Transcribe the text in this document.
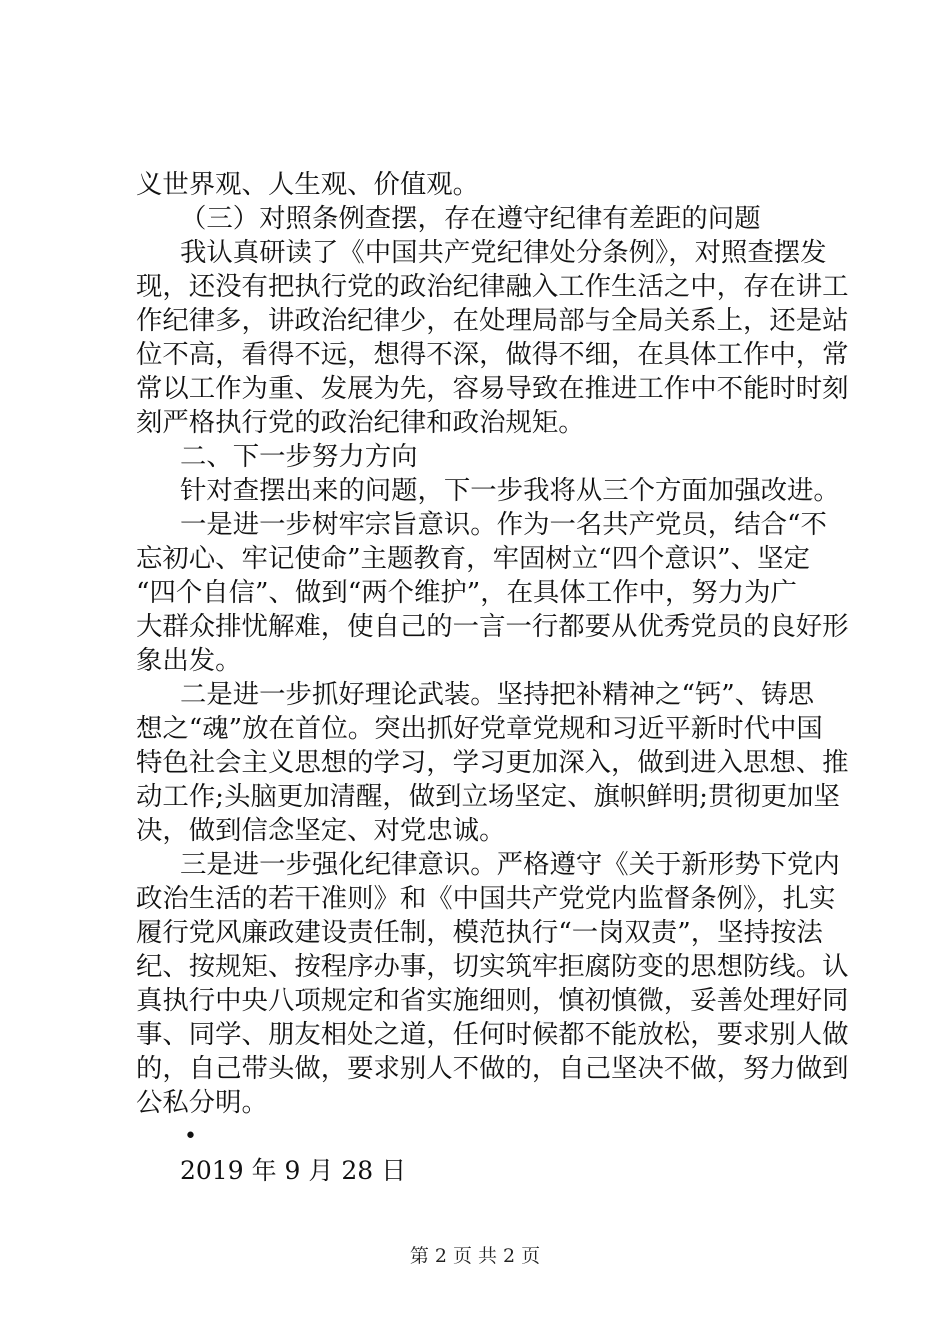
义世界观、人生观、价值观。
（三）对照条例查摆，存在遵守纪律有差距的问题
我认真研读了《中国共产党纪律处分条例》，对照查摆发
现，还没有把执行党的政治纪律融入工作生活之中，存在讲工
作纪律多，讲政治纪律少，在处理局部与全局关系上，还是站
位不高，看得不远，想得不深，做得不细，在具体工作中，常
常以工作为重、发展为先，容易导致在推进工作中不能时时刻
刻严格执行党的政治纪律和政治规矩。
二、下一步努力方向
针对查摆出来的问题，下一步我将从三个方面加强改进。
一是进一步树牢宗旨意识。作为一名共产党员，结合“不
忘初心、牢记使命”主题教育，牢固树立“四个意识”、坚定
“四个自信”、做到“两个维护”，在具体工作中，努力为广
大群众排忧解难，使自己的一言一行都要从优秀党员的良好形
象出发。
二是进一步抓好理论武装。坚持把补精神之“钙”、铸思
想之“魂”放在首位。突出抓好党章党规和习近平新时代中国
特色社会主义思想的学习，学习更加深入，做到进入思想、推
动工作;头脑更加清醒，做到立场坚定、旗帜鲜明;贯彻更加坚
决，做到信念坚定、对党忠诚。
三是进一步强化纪律意识。严格遵守《关于新形势下党内
政治生活的若干准则》和《中国共产党党内监督条例》，扎实
履行党风廉政建设责任制，模范执行“一岗双责”，坚持按法
纪、按规矩、按程序办事，切实筑牢拒腐防变的思想防线。认
真执行中央八项规定和省实施细则，慎初慎微，妥善处理好同
事、同学、朋友相处之道，任何时候都不能放松，要求别人做
的，自己带头做，要求别人不做的，自己坚决不做，努力做到
公私分明。
•
2019 年 9 月 28 日
第 2 页 共 2 页
